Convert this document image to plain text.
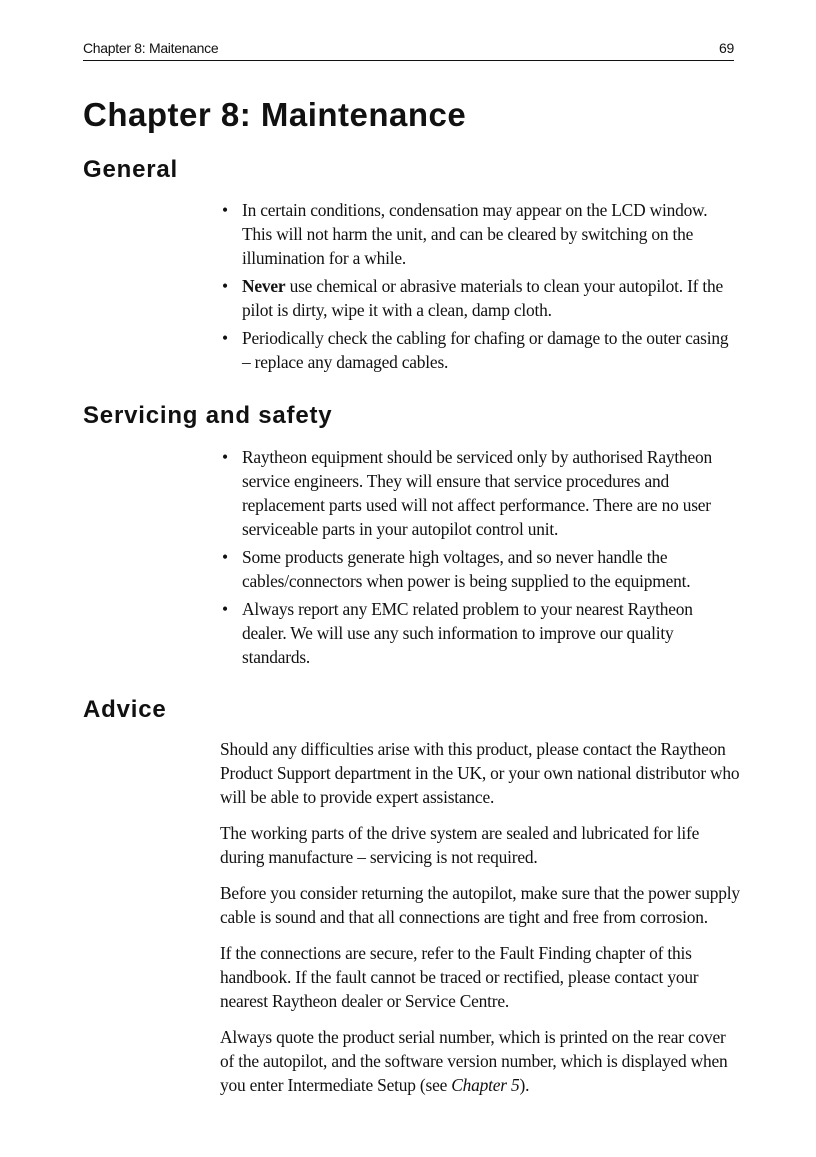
Chapter 8: Maitenance	69
Chapter 8: Maintenance
General
• In certain conditions, condensation may appear on the LCD window. This will not harm the unit, and can be cleared by switching on the illumination for a while.
• Never use chemical or abrasive materials to clean your autopilot. If the pilot is dirty, wipe it with a clean, damp cloth.
• Periodically check the cabling for chafing or damage to the outer casing – replace any damaged cables.
Servicing and safety
• Raytheon equipment should be serviced only by authorised Raytheon service engineers. They will ensure that service procedures and replacement parts used will not affect performance. There are no user serviceable parts in your autopilot control unit.
• Some products generate high voltages, and so never handle the cables/connectors when power is being supplied to the equipment.
• Always report any EMC related problem to your nearest Raytheon dealer. We will use any such information to improve our quality standards.
Advice

Should any difficulties arise with this product, please contact the Raytheon Product Support department in the UK, or your own national distributor who will be able to provide expert assistance.

The working parts of the drive system are sealed and lubricated for life during manufacture – servicing is not required.

Before you consider returning the autopilot, make sure that the power supply cable is sound and that all connections are tight and free from corrosion.

If the connections are secure, refer to the Fault Finding chapter of this handbook. If the fault cannot be traced or rectified, please contact your nearest Raytheon dealer or Service Centre.

Always quote the product serial number, which is printed on the rear cover of the autopilot, and the software version number, which is displayed when you enter Intermediate Setup (see Chapter 5).
